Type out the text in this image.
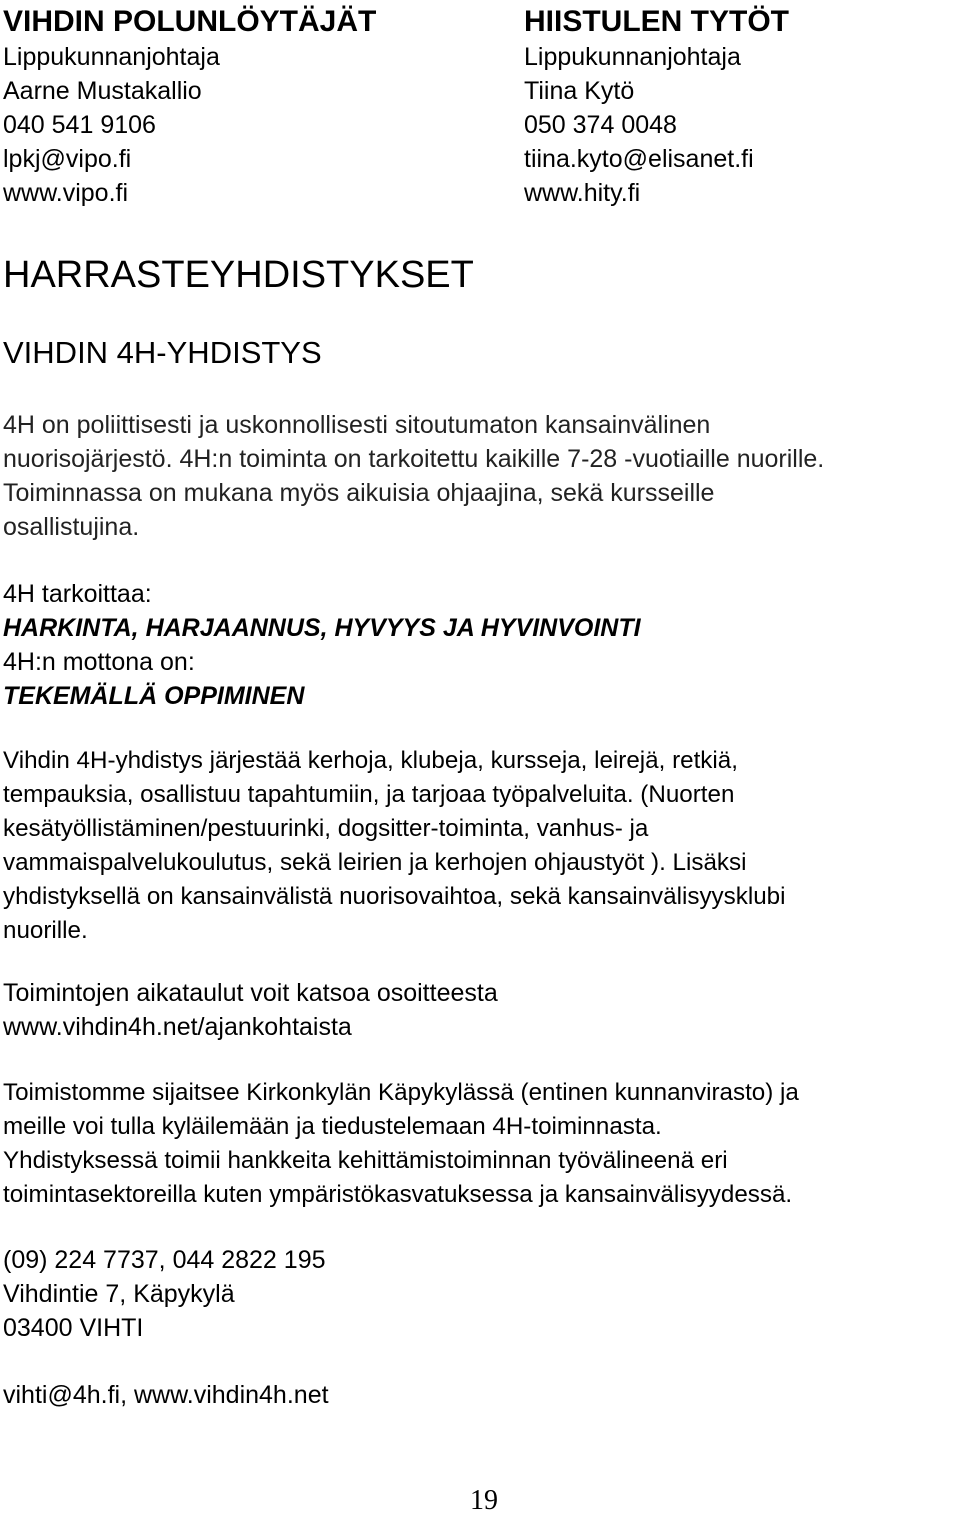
VIHDIN POLUNLÖYTÄJÄT
Lippukunnanjohtaja
Aarne Mustakallio
040 541 9106
lpkj@vipo.fi
www.vipo.fi
HIISTULEN TYTÖT
Lippukunnanjohtaja
Tiina Kytö
050 374 0048
tiina.kyto@elisanet.fi
www.hity.fi
HARRASTEYHDISTYKSET
VIHDIN 4H-YHDISTYS
4H on poliittisesti ja uskonnollisesti sitoutumaton kansainvälinen
nuorisojärjestö. 4H:n toiminta on tarkoitettu kaikille 7-28 -vuotiaille nuorille.
Toiminnassa on mukana myös aikuisia ohjaajina, sekä kursseille
osallistujina.
4H tarkoittaa:
HARKINTA, HARJAANNUS, HYVYYS JA HYVINVOINTI
4H:n mottona on:
TEKEMÄLLÄ OPPIMINEN
Vihdin 4H-yhdistys järjestää kerhoja, klubeja, kursseja, leirejä, retkiä,
tempauksia, osallistuu tapahtumiin, ja tarjoaa työpalveluita. (Nuorten
kesätyöllistäminen/pestuurinki, dogsitter-toiminta, vanhus- ja
vammaispalvelukoulutus, sekä leirien ja kerhojen ohjaustyöt ). Lisäksi
yhdistyksellä on kansainvälistä nuorisovaihtoa, sekä kansainvälisyysklubi
nuorille.
Toimintojen aikataulut voit katsoa osoitteesta
www.vihdin4h.net/ajankohtaista
Toimistomme sijaitsee Kirkonkylän Käpykylässä (entinen kunnanvirasto) ja
meille voi tulla kyläilemään ja tiedustelemaan 4H-toiminnasta.
Yhdistyksessä toimii hankkeita kehittämistoiminnan työvälineenä eri
toimintasektoreilla kuten ympäristökasvatuksessa ja kansainvälisyydessä.
(09) 224 7737, 044 2822 195
Vihdintie 7, Käpykylä
03400 VIHTI
vihti@4h.fi, www.vihdin4h.net
19
